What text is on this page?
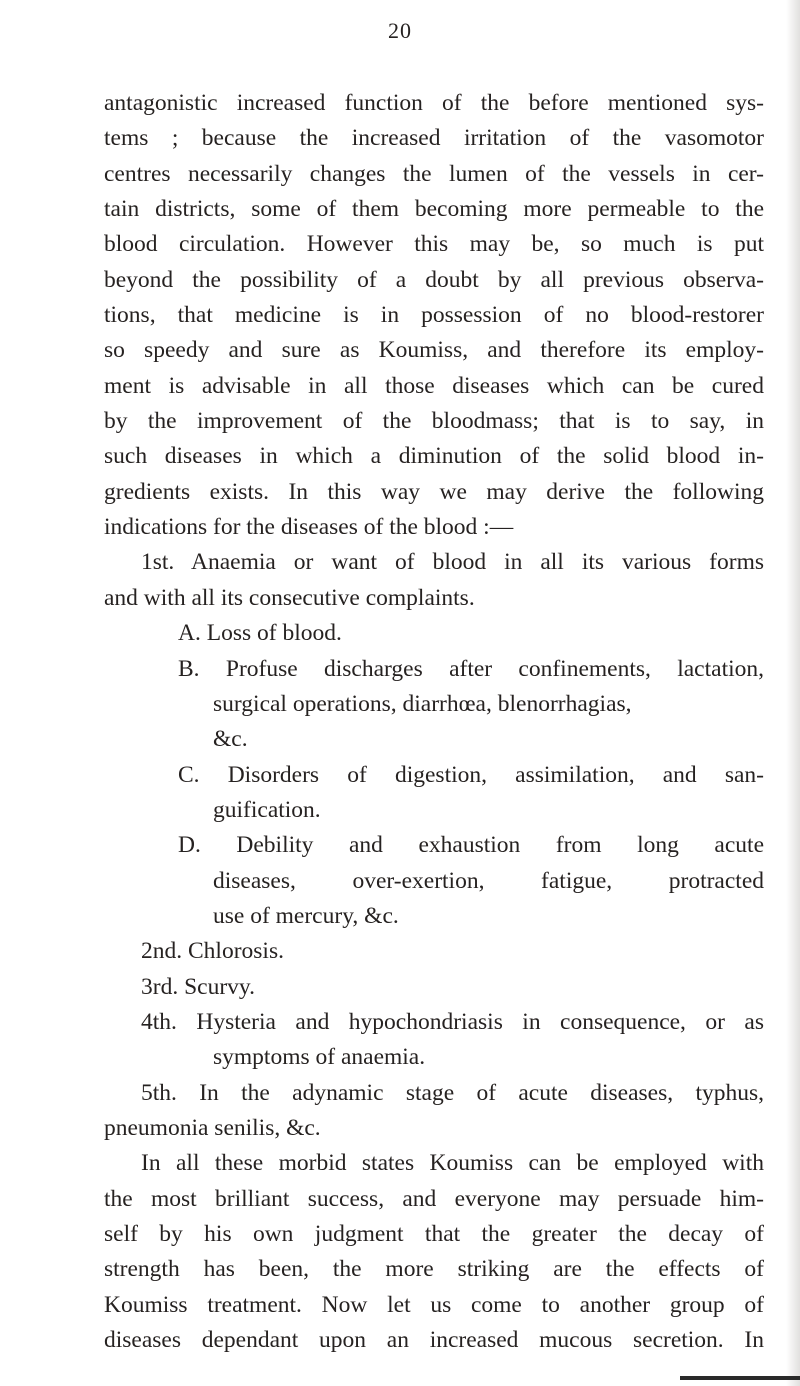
20
antagonistic increased function of the before mentioned sys-
tems ; because the increased irritation of the vasomotor
centres necessarily changes the lumen of the vessels in cer-
tain districts, some of them becoming more permeable to the
blood circulation. However this may be, so much is put
beyond the possibility of a doubt by all previous observa-
tions, that medicine is in possession of no blood-restorer
so speedy and sure as Koumiss, and therefore its employ-
ment is advisable in all those diseases which can be cured
by the improvement of the bloodmass; that is to say, in
such diseases in which a diminution of the solid blood in-
gredients exists. In this way we may derive the following
indications for the diseases of the blood :—
1st. Anaemia or want of blood in all its various forms
and with all its consecutive complaints.
A. Loss of blood.
B. Profuse discharges after confinements, lactation,
surgical operations, diarrhœa, blenorrhagias,
&c.
C. Disorders of digestion, assimilation, and san-
guification.
D. Debility and exhaustion from long acute
diseases, over-exertion, fatigue, protracted
use of mercury, &c.
2nd. Chlorosis.
3rd. Scurvy.
4th. Hysteria and hypochondriasis in consequence, or as
symptoms of anaemia.
5th. In the adynamic stage of acute diseases, typhus,
pneumonia senilis, &c.
In all these morbid states Koumiss can be employed with
the most brilliant success, and everyone may persuade him-
self by his own judgment that the greater the decay of
strength has been, the more striking are the effects of
Koumiss treatment. Now let us come to another group of
diseases dependant upon an increased mucous secretion. In
